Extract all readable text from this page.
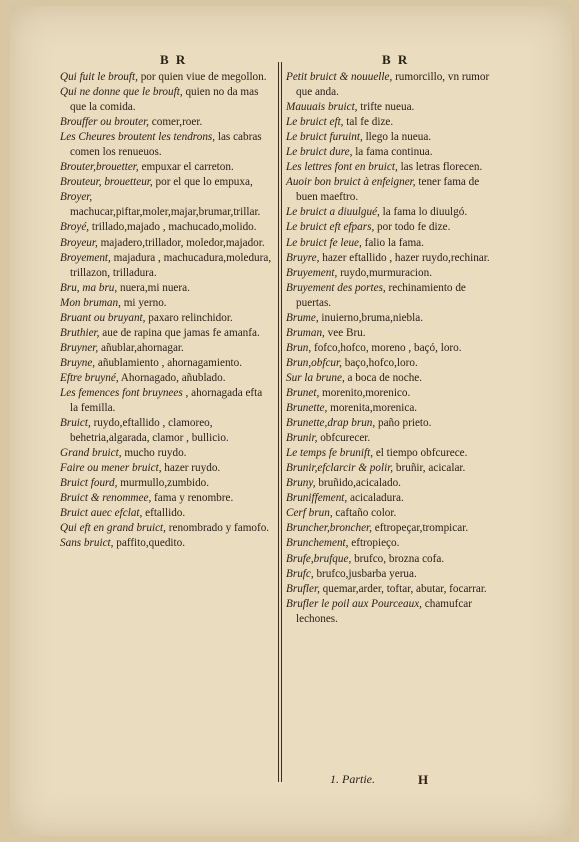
B R	B R

Qui fuit le brouft, por quien viue de megollon.

Qui ne donne que le brouft, quien no da mas que la comida.

Brouffer ou brouter, comer,roer.

Les Cheures broutent les tendrons, las cabras comen los renueuos.

Brouter,brouetter, empuxar el carreton.

Brouteur, brouetteur, por el que lo empuxa,

Broyer, machucar,piftar,moler,majar,brumar,trillar.

Broyé, trillado,majado , machucado,molido.

Broyeur, majadero,trillador, moledor,majador.

Broyement, majadura , machucadura,moledura, trillazon, trilladura.

Bru, ma bru, nuera,mi nuera.

Mon bruman, mi yerno.

Bruant ou bruyant, paxaro relinchidor.

Bruthier, aue de rapina que jamas fe amanfa.

Bruyner, añublar,ahornagar.

Bruyne, añublamiento , ahornagamiento.

Eftre bruyné, Ahornagado, añublado.

Les femences font bruynees , ahornagada efta la femilla.

Bruict, ruydo,eftallido , clamoreo, behetria,algarada, clamor , bullicio.

Grand bruict, mucho ruydo.

Faire ou mener bruict, hazer ruydo.

Bruict fourd, murmullo,zumbido.

Bruict & renommee, fama y renombre.

Bruict auec efclat, eftallido.

Qui eft en grand bruict, renombrado y famofo.

Sans bruict, paffito,quedito.

Petit bruict & nouuelle, rumorcillo, vn rumor que anda.

Mauuais bruict, trifte nueua.

Le bruict eft, tal fe dize.

Le bruict furuint, llego la nueua.

Le bruict dure, la fama continua.

Les lettres font en bruict, las letras florecen.

Auoir bon bruict à enfeigner, tener fama de buen maeftro.

Le bruict a diuulgué, la fama lo diuulgó.

Le bruict eft efpars, por todo fe dize.

Le bruict fe leue, falio la fama.

Bruyre, hazer eftallido , hazer ruydo,rechinar.

Bruyement, ruydo,murmuracion.

Bruyement des portes, rechinamiento de puertas.

Brume, inuierno,bruma,niebla.

Bruman, vee Bru.

Brun, fofco,hofco, moreno , baçó, loro.

Brun,obfcur, baço,hofco,loro.

Sur la brune, a boca de noche.

Brunet, morenito,morenico.

Brunette, morenita,morenica.

Brunette,drap brun, paño prieto.

Brunir, obfcurecer.

Le temps fe brunift, el tiempo obfcurece.

Brunir,efclarcir & polir, bruñir, acicalar.

Bruny, bruñido,acicalado.

Bruniffement, acicaladura.

Cerf brun, caftaño color.

Bruncher,broncher, eftropeçar,trompicar.

Brunchement, eftropieço.

Brufe,brufque, brufco, brozna cofa.

Brufc, brufco,jusbarba yerua.

Brufler, quemar,arder, toftar, abutar, focarrar.

Brufler le poil aux Pourceaux, chamufcar lechones.

1. Partie.	H
